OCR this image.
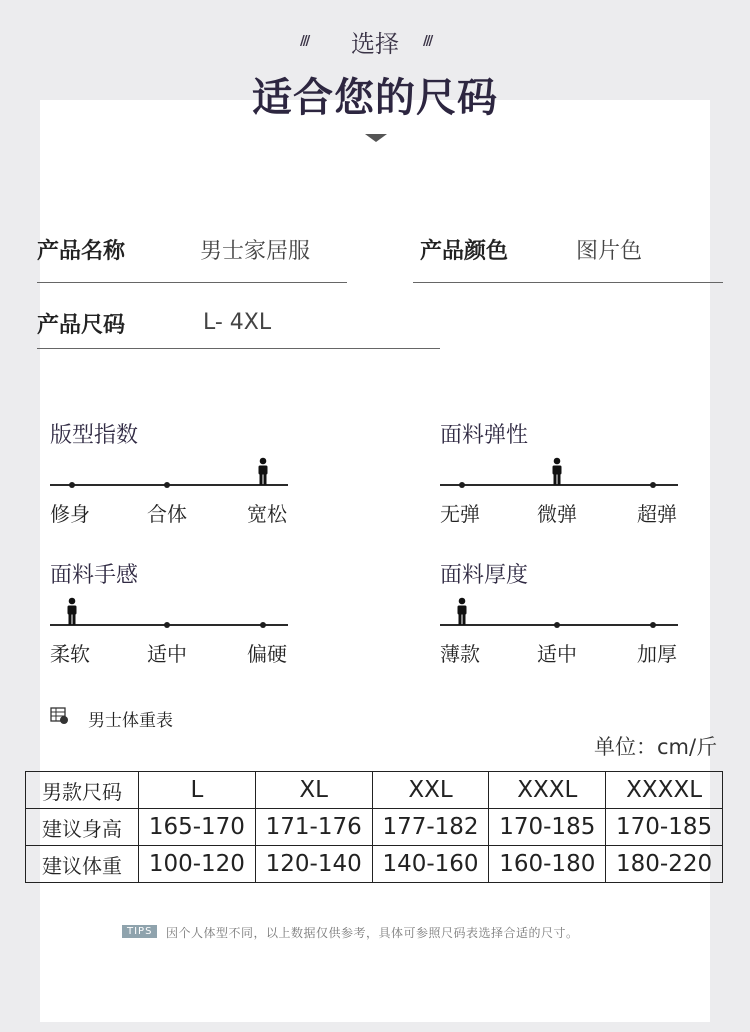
///	选择	///
适合您的尺码
产品名称	男士家居服	产品颜色	图片色
产品尺码	L- 4XL
版型指数
修身	合体	宽松
面料弹性
无弹	微弹	超弹
面料手感
柔软	适中	偏硬
面料厚度
薄款	适中	加厚
男士体重表
单位：cm/斤
男款尺码	L	XL	XXL	XXXL	XXXXL
建议身高	165-170	171-176	177-182	170-185	170-185
建议体重	100-120	120-140	140-160	160-180	180-220
TIPS	因个人体型不同，以上数据仅供参考，具体可参照尺码表选择合适的尺寸。
